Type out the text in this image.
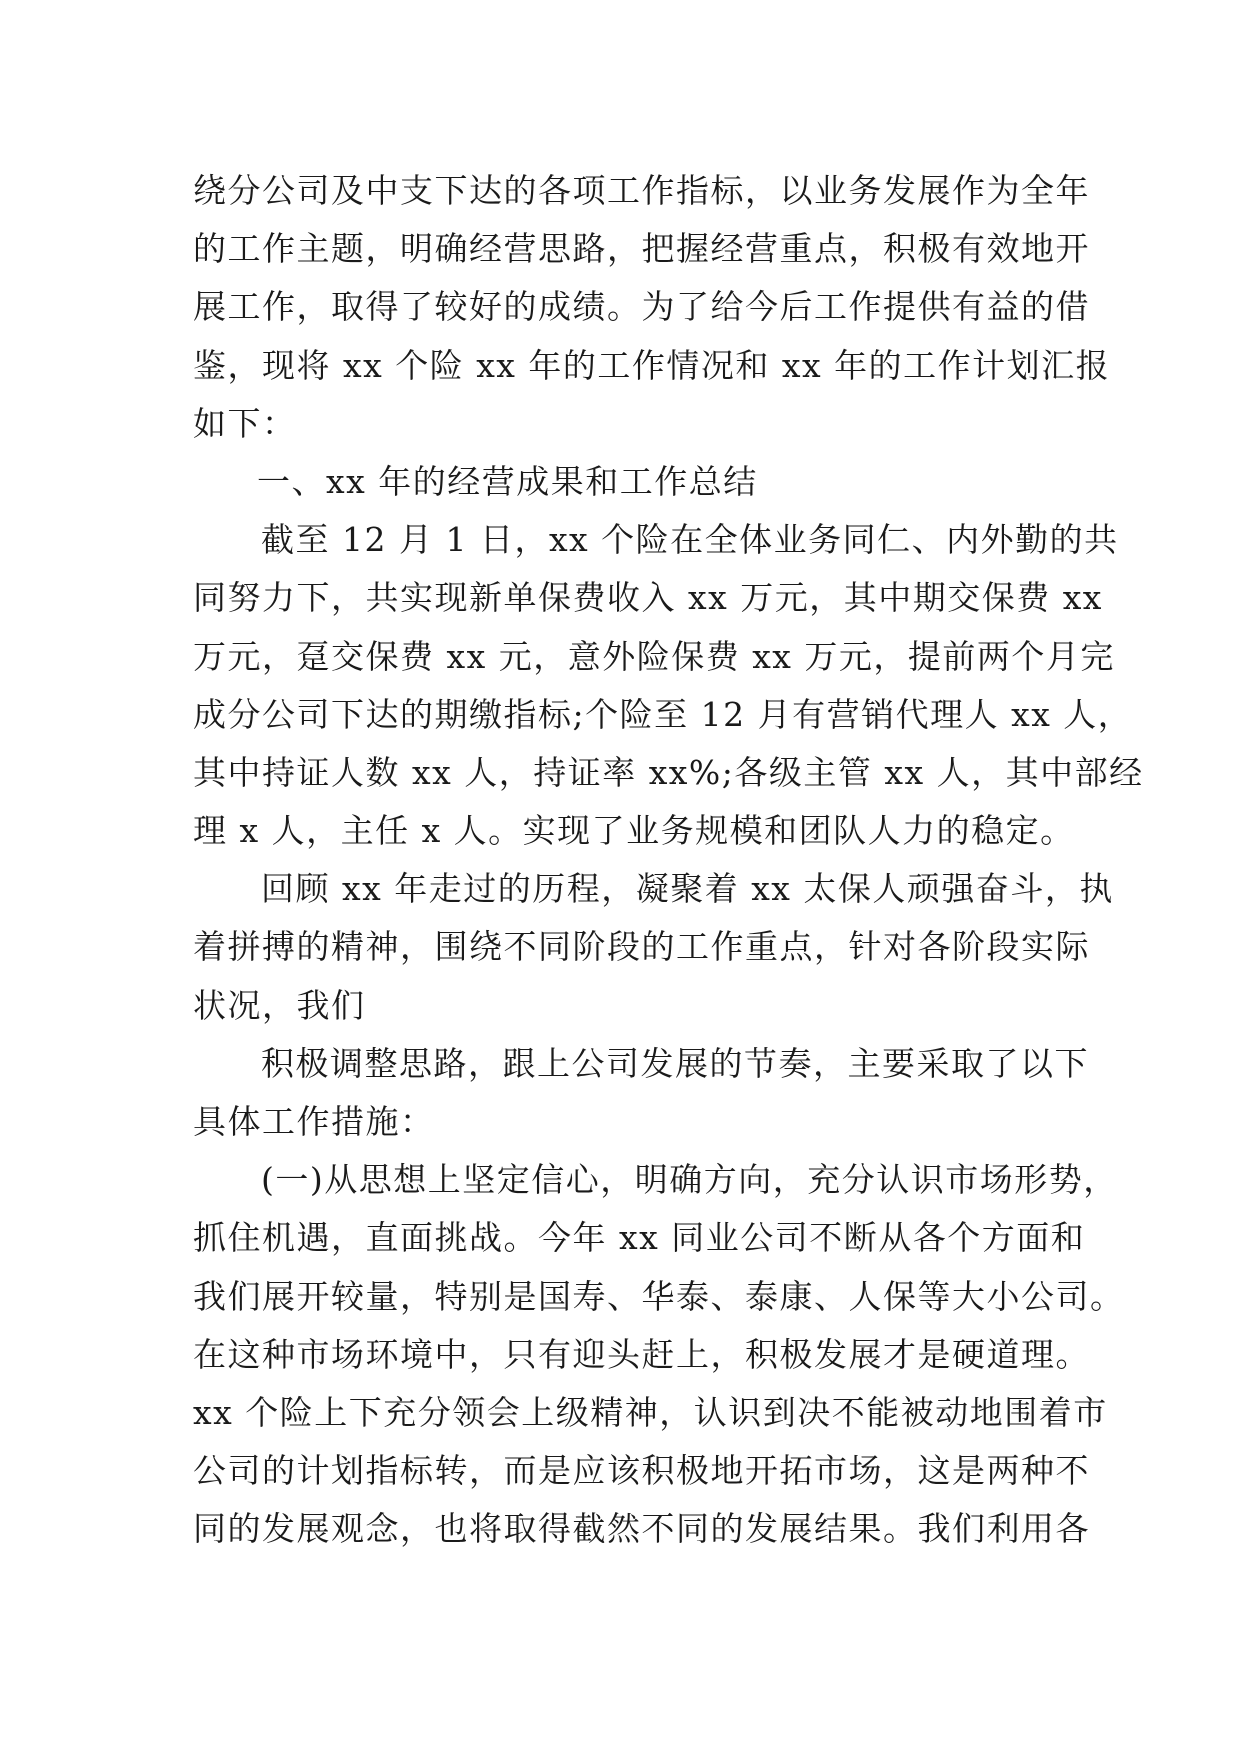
绕分公司及中支下达的各项工作指标，以业务发展作为全年
的工作主题，明确经营思路，把握经营重点，积极有效地开
展工作，取得了较好的成绩。为了给今后工作提供有益的借
鉴，现将 xx 个险 xx 年的工作情况和 xx 年的工作计划汇报
如下：
一、xx 年的经营成果和工作总结
截至 12 月 1 日，xx 个险在全体业务同仁、内外勤的共
同努力下，共实现新单保费收入 xx 万元，其中期交保费 xx
万元，趸交保费 xx 元，意外险保费 xx 万元，提前两个月完
成分公司下达的期缴指标;个险至 12 月有营销代理人 xx 人，
其中持证人数 xx 人，持证率 xx%;各级主管 xx 人，其中部经
理 x 人，主任 x 人。实现了业务规模和团队人力的稳定。
回顾 xx 年走过的历程，凝聚着 xx 太保人顽强奋斗，执
着拼搏的精神，围绕不同阶段的工作重点，针对各阶段实际
状况，我们
积极调整思路，跟上公司发展的节奏，主要采取了以下
具体工作措施：
(一)从思想上坚定信心，明确方向，充分认识市场形势，
抓住机遇，直面挑战。今年 xx 同业公司不断从各个方面和
我们展开较量，特别是国寿、华泰、泰康、人保等大小公司。
在这种市场环境中，只有迎头赶上，积极发展才是硬道理。
xx 个险上下充分领会上级精神，认识到决不能被动地围着市
公司的计划指标转，而是应该积极地开拓市场，这是两种不
同的发展观念，也将取得截然不同的发展结果。我们利用各
